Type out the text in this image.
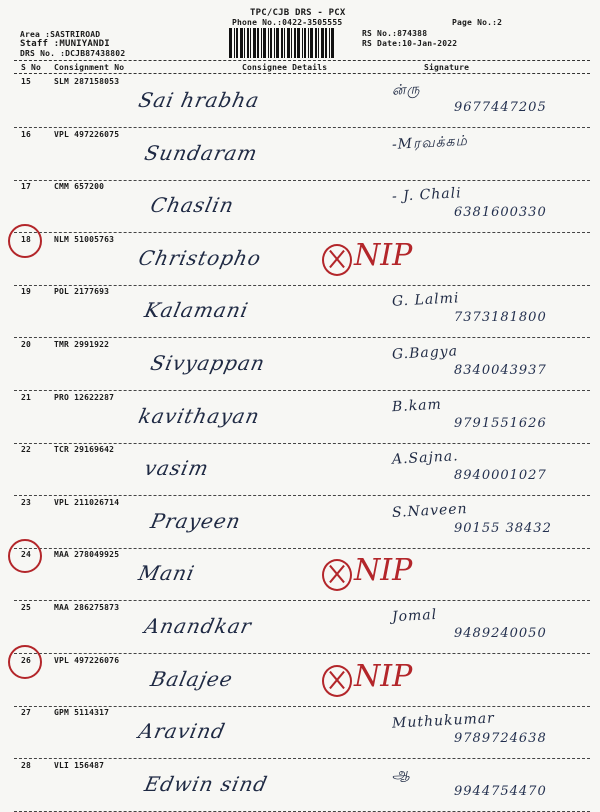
TPC/CJB DRS - PCX
Phone No.:0422-3505555	Page No.:2
Area :SASTRIROAD
Staff :MUNIYANDI
DRS No. :DCJB87438802
RS No.:874388
RS Date:10-Jan-2022
S No Consignment No	Consignee Details	Signature
15	SLM 287158053
Sai hrabha	ன்ரு
9677447205
16	VPL 497226075
Sundaram	-Mரவக்கம்
17	CMM 657200
Chaslin	- J. Chali
6381600330
18	NLM 51005763
Christopho	NIP
19	POL 2177693
Kalamani	G. Lalmi
7373181800
20	TMR 2991922
Sivyappan	G.Bagya
8340043937
21	PRO 12622287
kavithayan	B.kam
9791551626
22	TCR 29169642
vasim	A.Sajna.
8940001027
23	VPL 211026714
Prayeen	S.Naveen
90155 38432
24	MAA 278049925
Mani	NIP
25	MAA 286275873
Anandkar	Jomal
9489240050
26	VPL 497226076
Balajee	NIP
27	GPM 5114317
Aravind	Muthukumar
9789724638
28	VLI 156487
Edwin sind	ஆ
9944754470
